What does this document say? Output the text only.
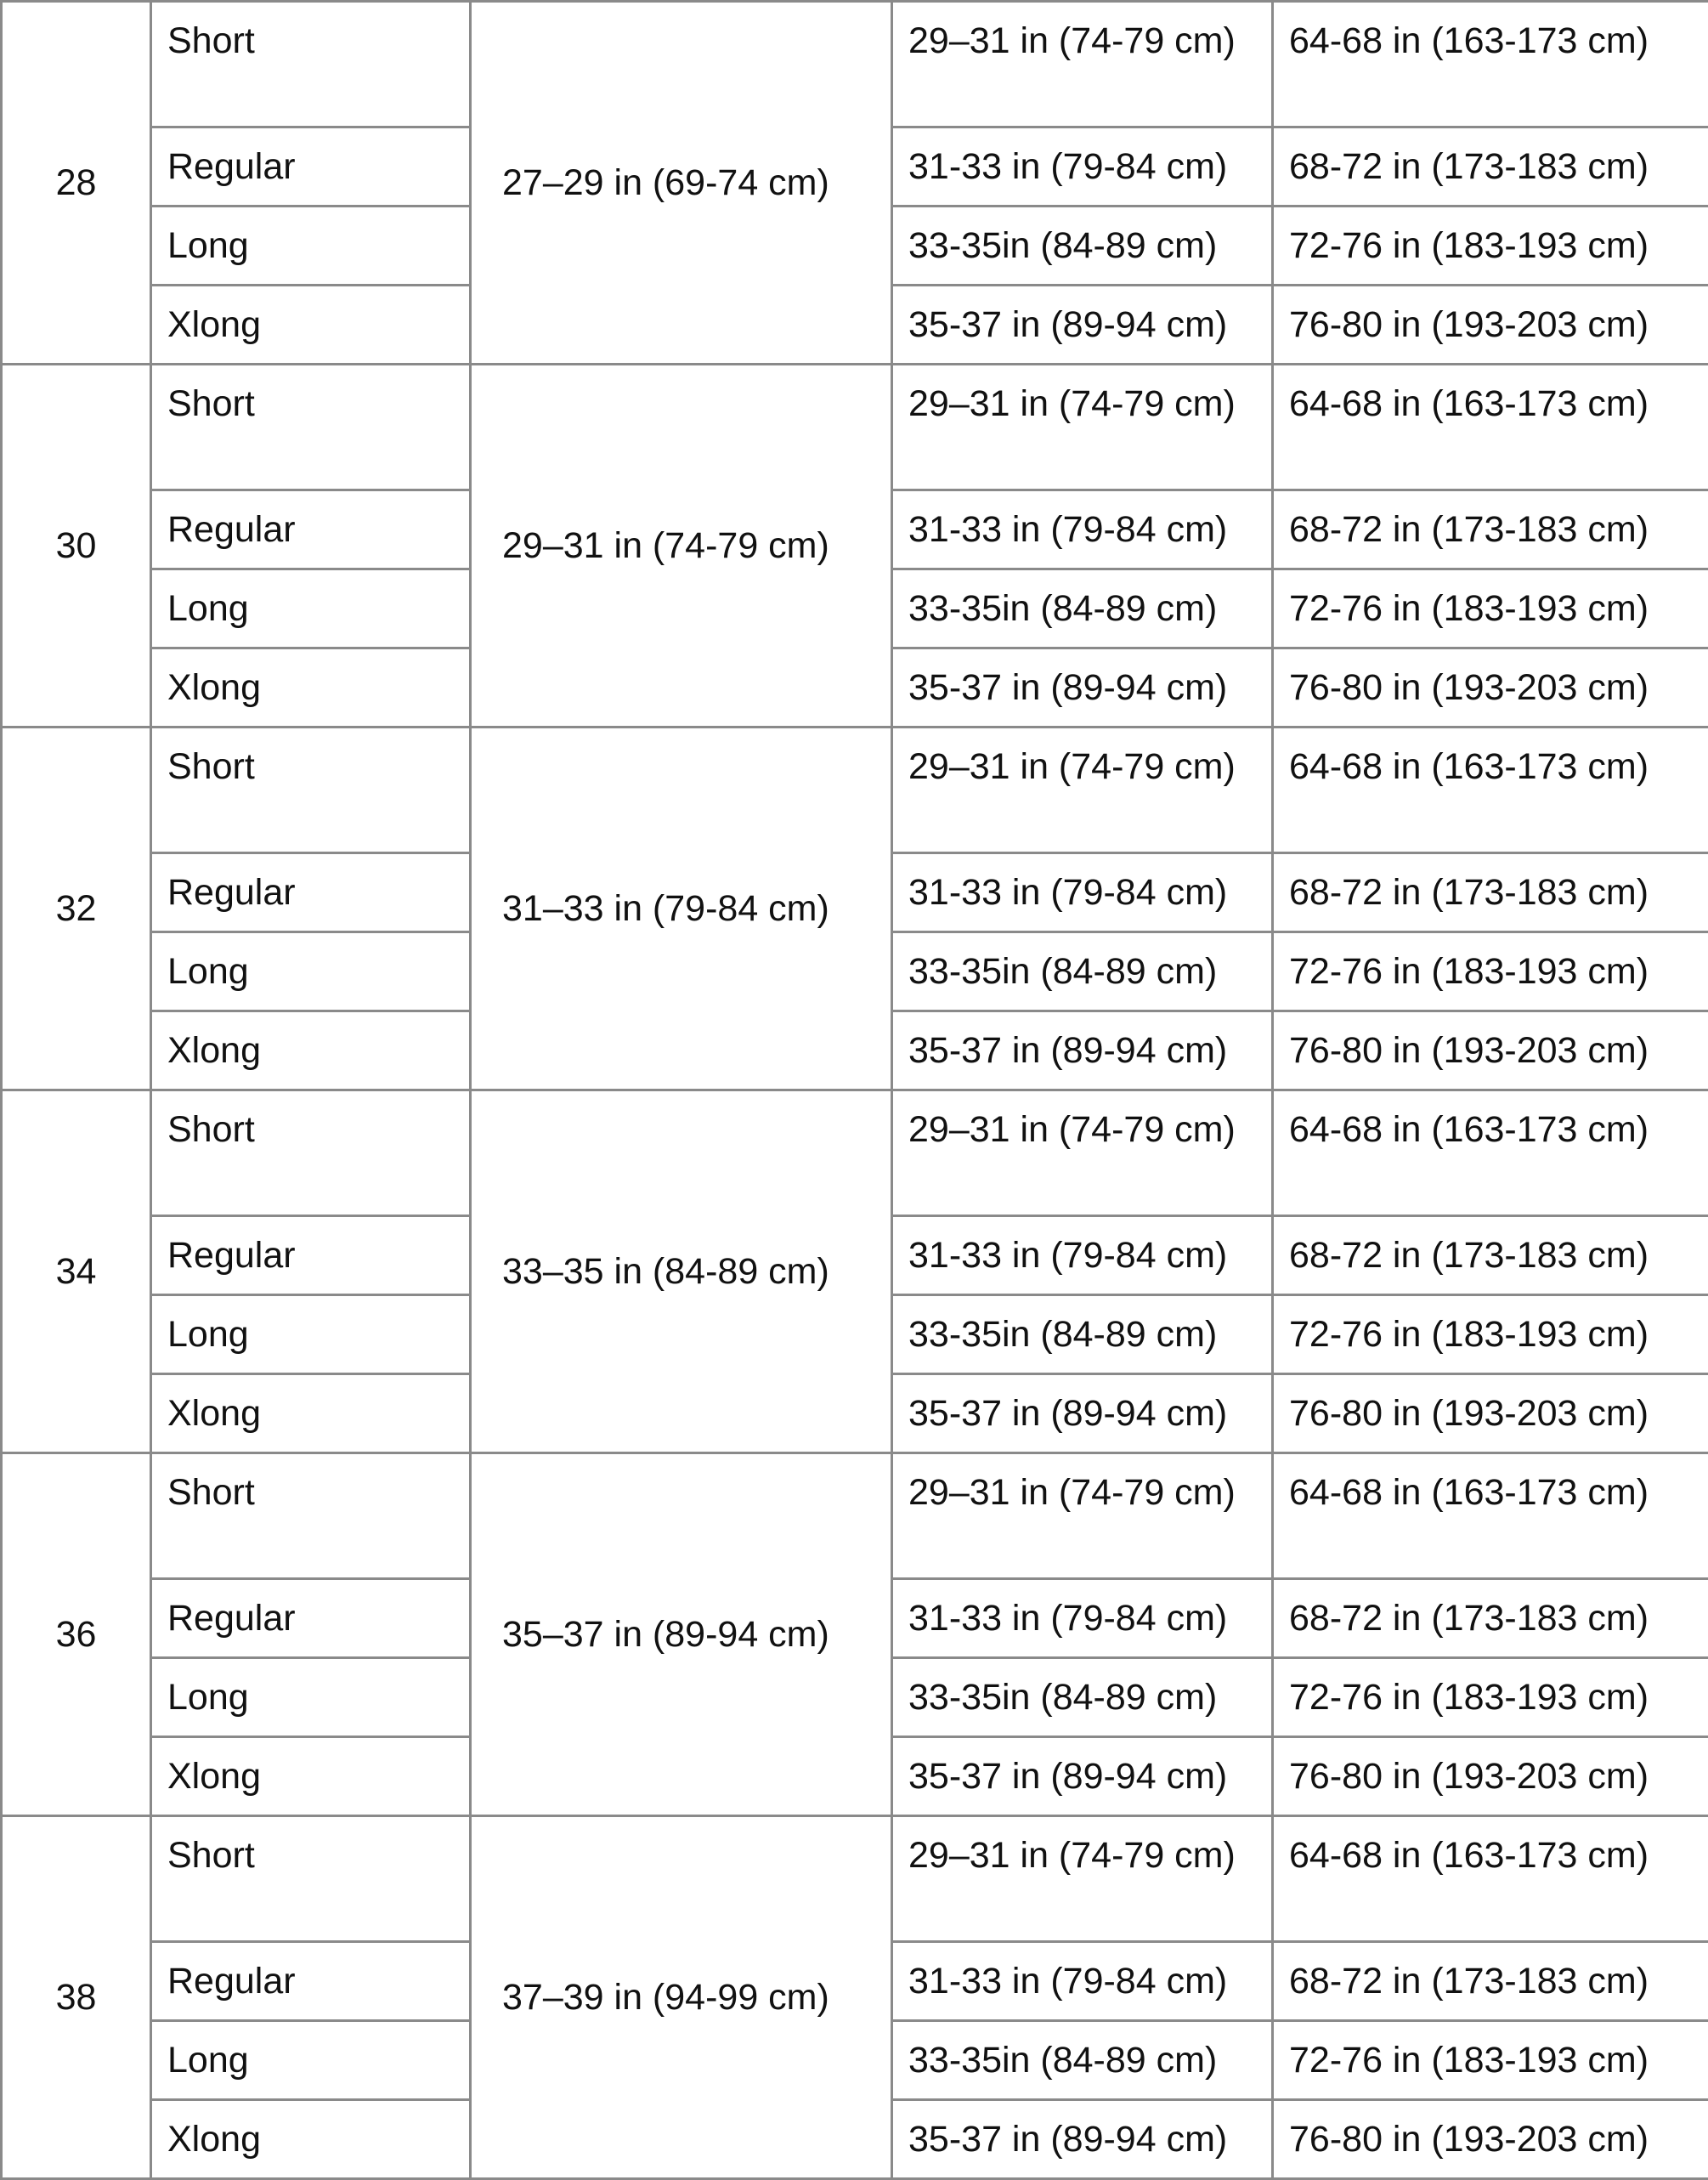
28	Short	27–29 in (69-74 cm)	29–31 in (74-79 cm)	64-68 in (163-173 cm)
	Regular		31-33 in (79-84 cm)	68-72 in (173-183 cm)
	Long		33-35in (84-89 cm)	72-76 in (183-193 cm)
	Xlong		35-37 in (89-94 cm)	76-80 in (193-203 cm)
30	Short	29–31 in (74-79 cm)	29–31 in (74-79 cm)	64-68 in (163-173 cm)
	Regular		31-33 in (79-84 cm)	68-72 in (173-183 cm)
	Long		33-35in (84-89 cm)	72-76 in (183-193 cm)
	Xlong		35-37 in (89-94 cm)	76-80 in (193-203 cm)
32	Short	31–33 in (79-84 cm)	29–31 in (74-79 cm)	64-68 in (163-173 cm)
	Regular		31-33 in (79-84 cm)	68-72 in (173-183 cm)
	Long		33-35in (84-89 cm)	72-76 in (183-193 cm)
	Xlong		35-37 in (89-94 cm)	76-80 in (193-203 cm)
34	Short	33–35 in (84-89 cm)	29–31 in (74-79 cm)	64-68 in (163-173 cm)
	Regular		31-33 in (79-84 cm)	68-72 in (173-183 cm)
	Long		33-35in (84-89 cm)	72-76 in (183-193 cm)
	Xlong		35-37 in (89-94 cm)	76-80 in (193-203 cm)
36	Short	35–37 in (89-94 cm)	29–31 in (74-79 cm)	64-68 in (163-173 cm)
	Regular		31-33 in (79-84 cm)	68-72 in (173-183 cm)
	Long		33-35in (84-89 cm)	72-76 in (183-193 cm)
	Xlong		35-37 in (89-94 cm)	76-80 in (193-203 cm)
38	Short	37–39 in (94-99 cm)	29–31 in (74-79 cm)	64-68 in (163-173 cm)
	Regular		31-33 in (79-84 cm)	68-72 in (173-183 cm)
	Long		33-35in (84-89 cm)	72-76 in (183-193 cm)
	Xlong		35-37 in (89-94 cm)	76-80 in (193-203 cm)
